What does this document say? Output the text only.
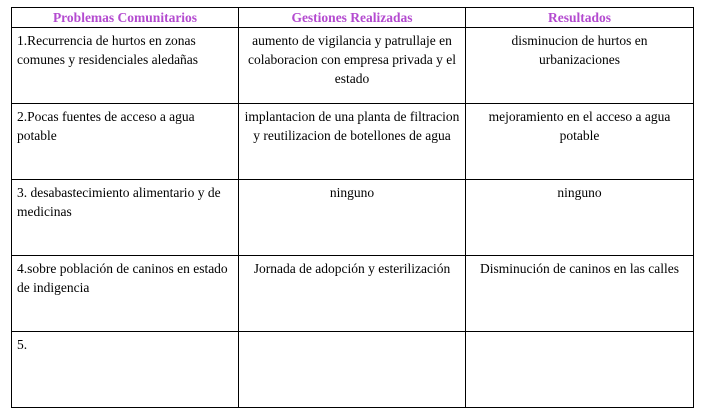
Problemas Comunitarios	Gestiones Realizadas	Resultados
1.Recurrencia de hurtos en zonas comunes y residenciales aledañas	aumento de vigilancia y patrullaje en colaboracion con empresa privada y el estado	disminucion de hurtos en urbanizaciones
2.Pocas fuentes de acceso a agua potable	implantacion de una planta de filtracion y reutilizacion de botellones de agua	mejoramiento en el acceso a agua potable
3. desabastecimiento alimentario y de medicinas	ninguno	ninguno
4.sobre población de caninos en estado de indigencia	Jornada de adopción y esterilización	Disminución de caninos en las calles
5.		
